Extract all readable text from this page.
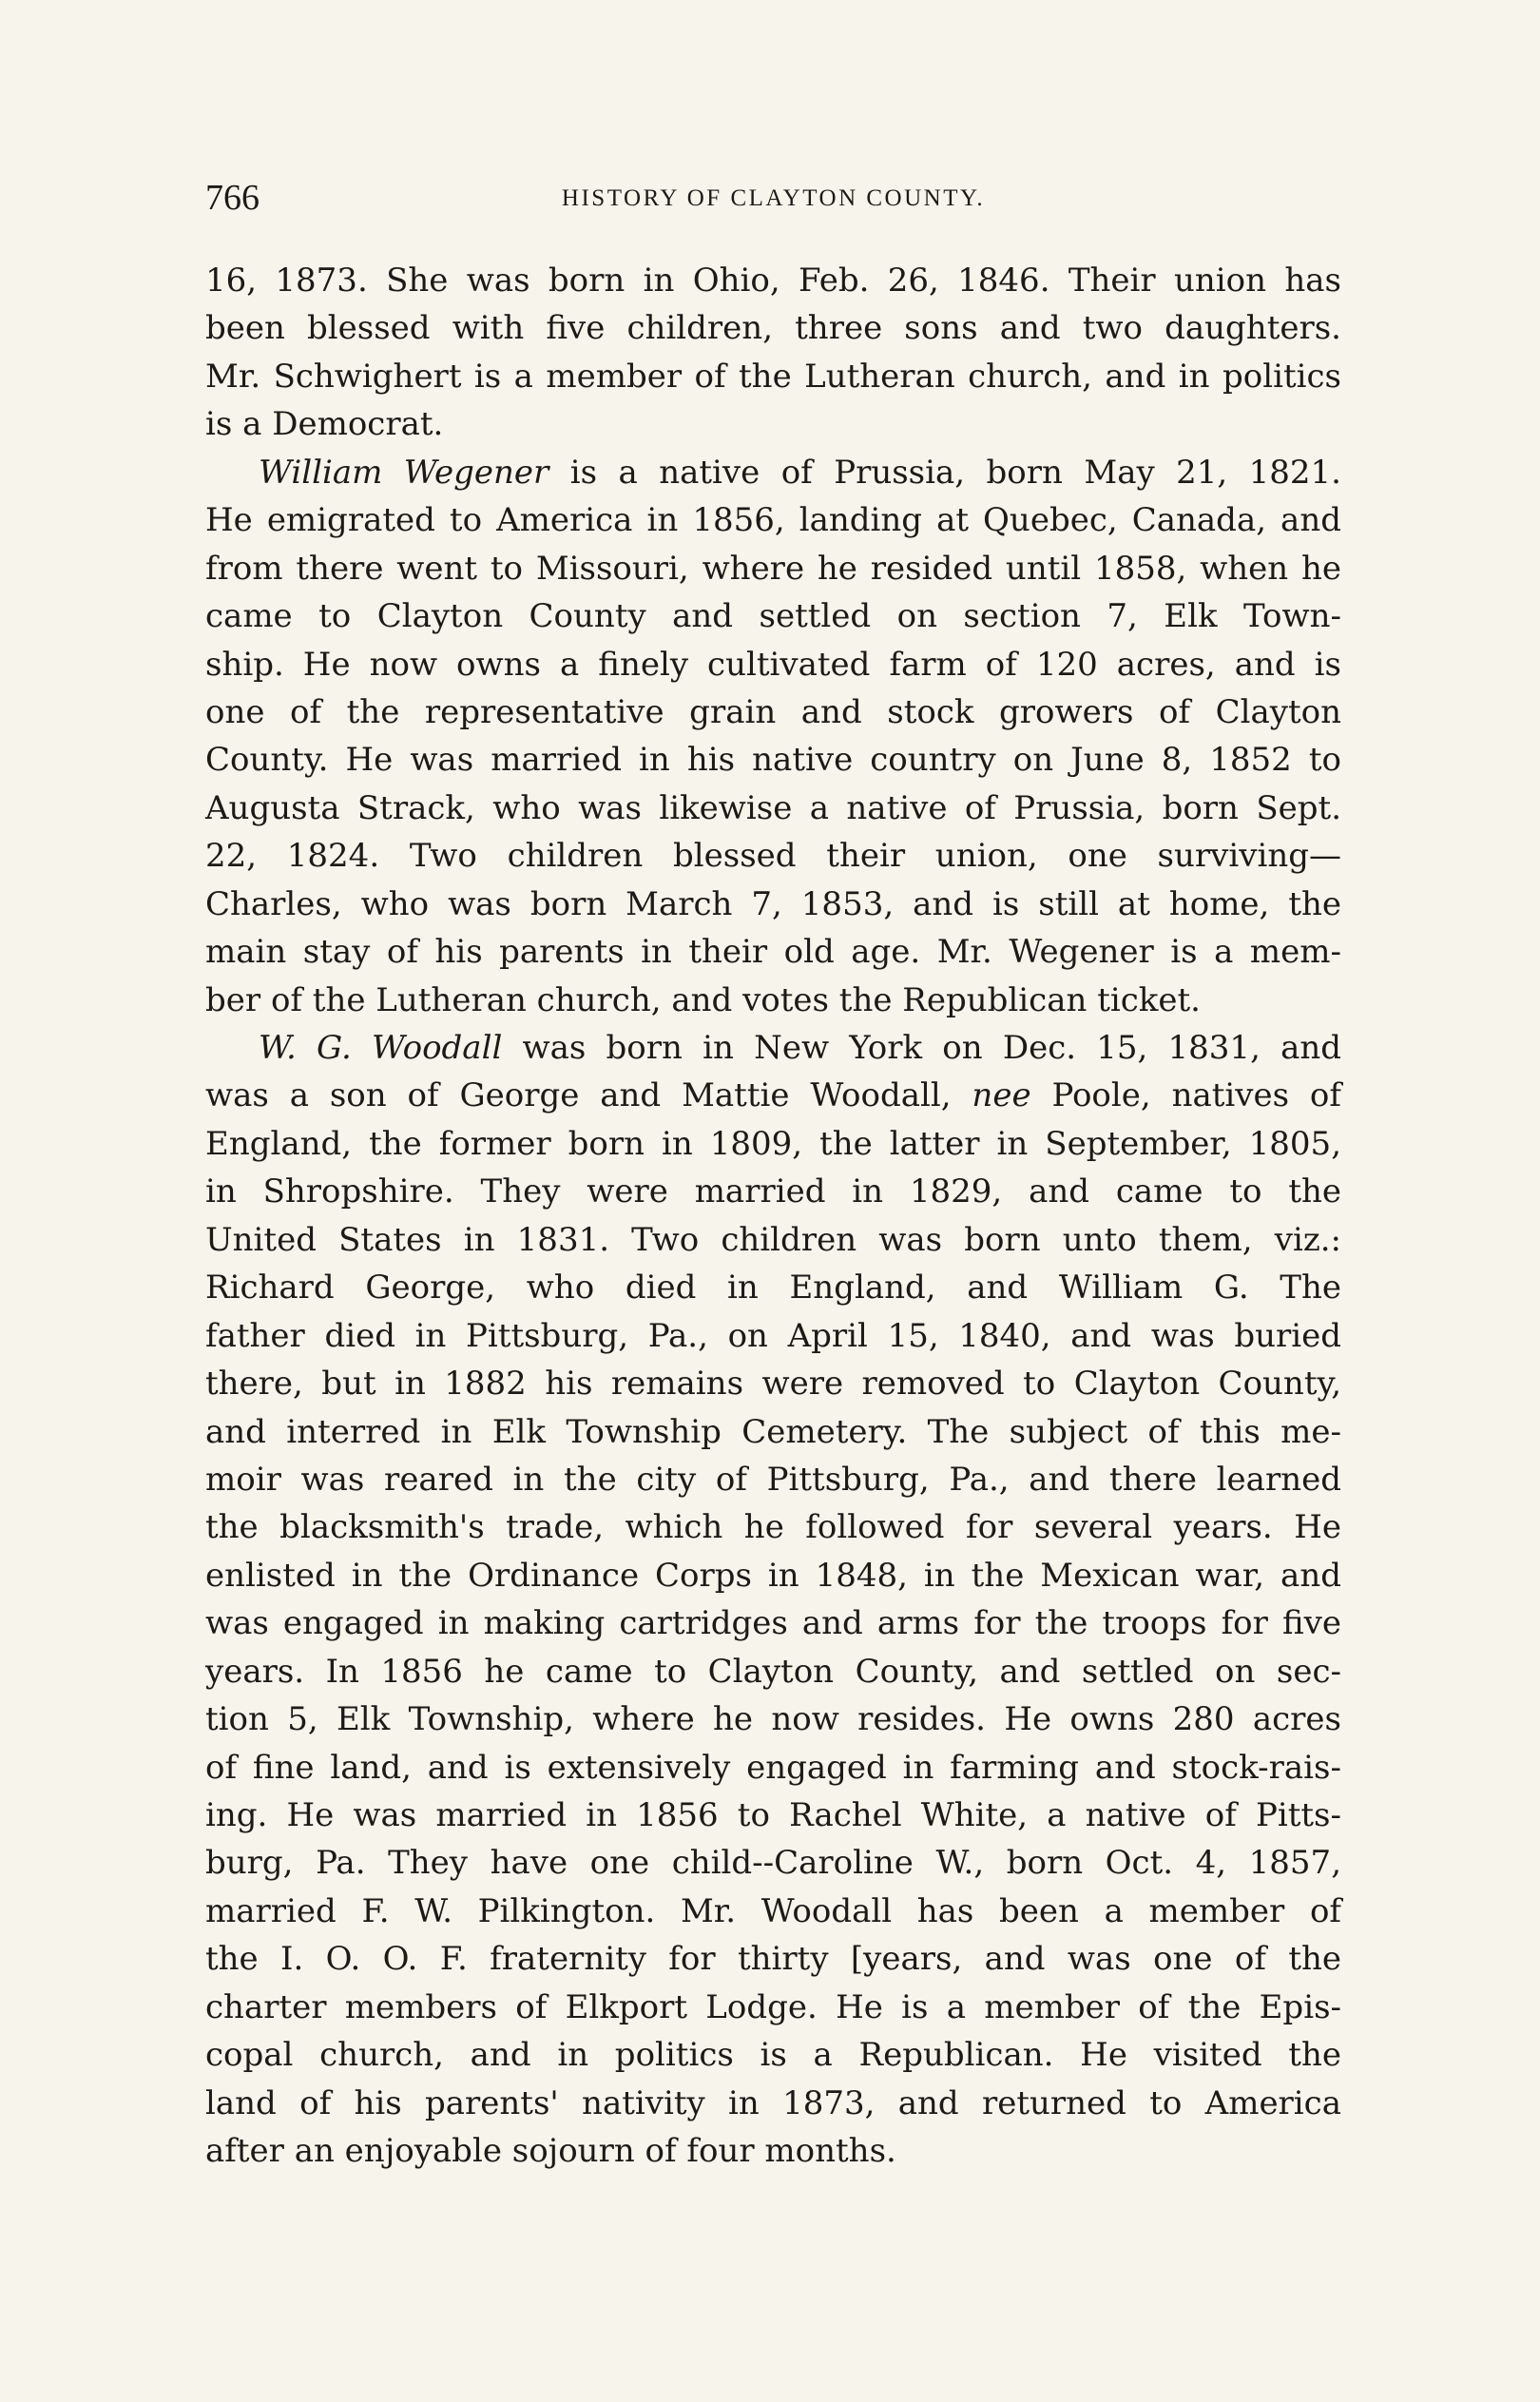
766	HISTORY OF CLAYTON COUNTY.
16, 1873. She was born in Ohio, Feb. 26, 1846. Their union has
been blessed with five children, three sons and two daughters.
Mr. Schwighert is a member of the Lutheran church, and in politics
is a Democrat.
William Wegener is a native of Prussia, born May 21, 1821.
He emigrated to America in 1856, landing at Quebec, Canada, and
from there went to Missouri, where he resided until 1858, when he
came to Clayton County and settled on section 7, Elk Town-
ship. He now owns a finely cultivated farm of 120 acres, and is
one of the representative grain and stock growers of Clayton
County. He was married in his native country on June 8, 1852 to
Augusta Strack, who was likewise a native of Prussia, born Sept.
22, 1824. Two children blessed their union, one surviving—
Charles, who was born March 7, 1853, and is still at home, the
main stay of his parents in their old age. Mr. Wegener is a mem-
ber of the Lutheran church, and votes the Republican ticket.
W. G. Woodall was born in New York on Dec. 15, 1831, and
was a son of George and Mattie Woodall, nee Poole, natives of
England, the former born in 1809, the latter in September, 1805,
in Shropshire. They were married in 1829, and came to the
United States in 1831. Two children was born unto them, viz.:
Richard George, who died in England, and William G. The
father died in Pittsburg, Pa., on April 15, 1840, and was buried
there, but in 1882 his remains were removed to Clayton County,
and interred in Elk Township Cemetery. The subject of this me-
moir was reared in the city of Pittsburg, Pa., and there learned
the blacksmith's trade, which he followed for several years. He
enlisted in the Ordinance Corps in 1848, in the Mexican war, and
was engaged in making cartridges and arms for the troops for five
years. In 1856 he came to Clayton County, and settled on sec-
tion 5, Elk Township, where he now resides. He owns 280 acres
of fine land, and is extensively engaged in farming and stock-rais-
ing. He was married in 1856 to Rachel White, a native of Pitts-
burg, Pa. They have one child--Caroline W., born Oct. 4, 1857,
married F. W. Pilkington. Mr. Woodall has been a member of
the I. O. O. F. fraternity for thirty [years, and was one of the
charter members of Elkport Lodge. He is a member of the Epis-
copal church, and in politics is a Republican. He visited the
land of his parents' nativity in 1873, and returned to America
after an enjoyable sojourn of four months.
